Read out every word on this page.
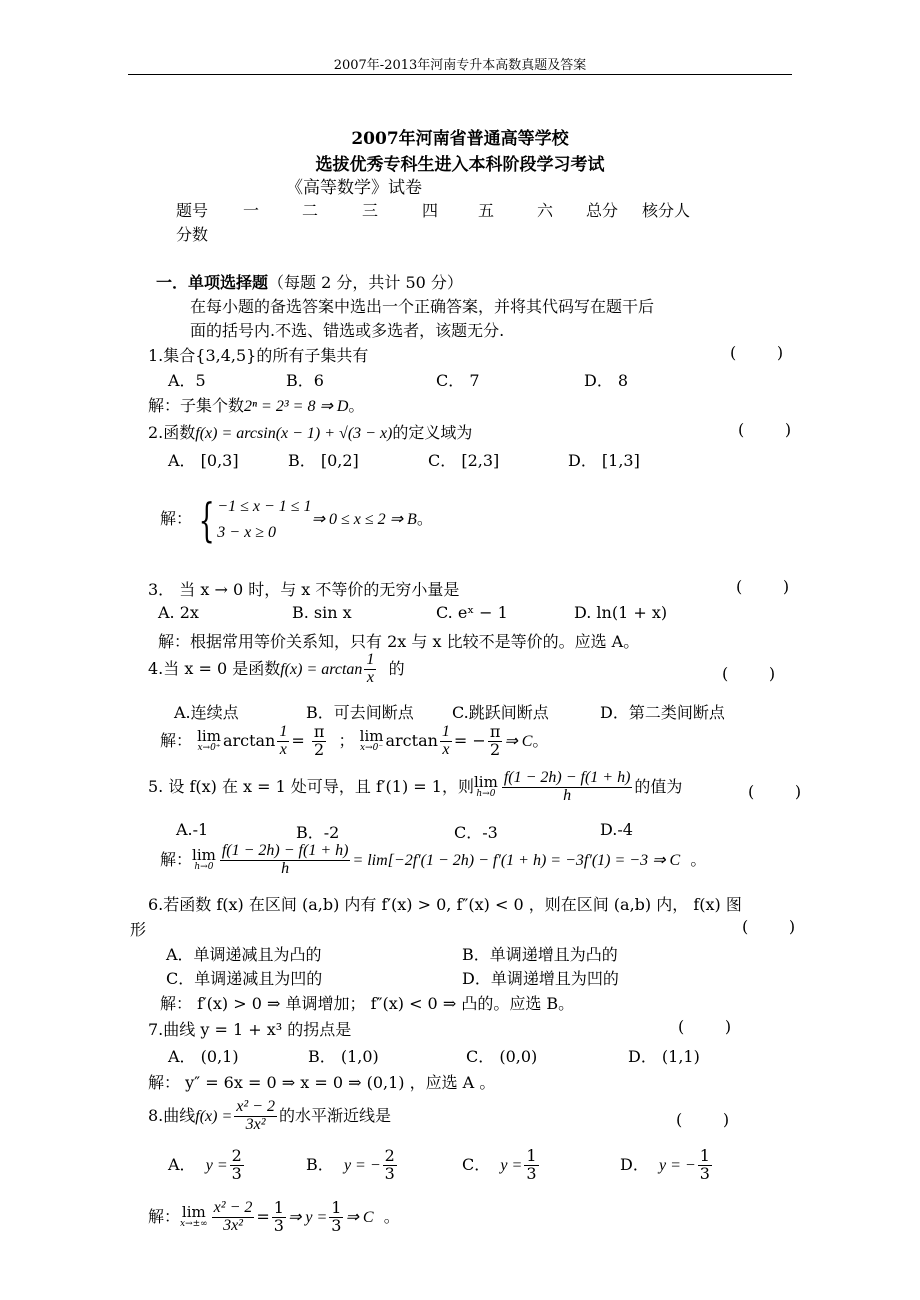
2007年-2013年河南专升本高数真题及答案
2007年河南省普通高等学校
选拔优秀专科生进入本科阶段学习考试
《高等数学》试卷
题号 一	二	三	四 五	六 总分 核分人
分数
一．单项选择题（每题 2 分，共计 50 分）
在每小题的备选答案中选出一个正确答案，并将其代码写在题干后
面的括号内.不选、错选或多选者，该题无分.
1.集合{3,4,5}的所有子集共有	(        )
A．5	B．6	C． 7	D． 8
解：子集个数2ⁿ = 2³ = 8 ⇒ D。
2.函数f(x) = arcsin(x − 1) + √(3 − x)的定义域为	(        )
A． [0,3]	B． [0,2]	C． [2,3]	D． [1,3]
解： { −1 ≤ x − 1 ≤ 1
3 − x ≥ 0
⇒ 0 ≤ x ≤ 2 ⇒ B。
3． 当 x → 0 时，与 x 不等价的无穷小量是	(        )
A. 2x	B. sin x	C. eˣ − 1	D. ln(1 + x)
解：根据常用等价关系知，只有 2x 与 x 比较不是等价的。应选 A。
4.当 x = 0 是函数$f(x) = \arctan \frac{1}{x}$ 的	(        )
A.连续点	B．可去间断点 C.跳跃间断点	D．第二类间断点
解： lim
x→0⁺ $\arctan \frac{1}{x} = \frac{\pi}{2}$ ； lim
x→0⁻ $\arctan \frac{1}{x}$ = − $\frac{\pi}{2}$ ⇒ C。
5. 设 f(x) 在 x = 1 处可导，且 f′(1) = 1，则 lim
$h\to 0 \frac{f(1 - 2h) - f(1 + h)}{h}$ 的值为	(        )
A.-1	B．-2	C．-3	D.-4
解： lim
$h\to 0 \frac{f(1 - 2h) - f(1 + h)}{h} = \lim[-2f'(1 - 2h) - f'(1 + h) = -3f'(1) = -3$ ⇒ C 。
6.若函数 f(x) 在区间 (a,b) 内有 f′(x) > 0, f″(x) < 0 ，则在区间 (a,b) 内， f(x) 图
形	(        )
A．单调递减且为凸的	B．单调递增且为凸的
C．单调递减且为凹的	D．单调递增且为凹的
解： f′(x) > 0 ⇒ 单调增加； f″(x) < 0 ⇒ 凸的。应选 B。
7.曲线 y = 1 + x³ 的拐点是	(        )
A． (0,1)	B． (1,0)	C． (0,0)	D． (1,1)
解： y″ = 6x = 0 ⇒ x = 0 ⇒ (0,1) ，应选 A 。
8.曲线$f(x) = \frac{\text{x² − 2}}{\text{3x²}}$ 的水平渐近线是	(        )
A． $y = \frac{2}{3}$	B． y = − $\frac{2}{3}$	C． $y = \frac{1}{3}$	D． y = − $\frac{1}{3}$
解： lim
$x\to\pm\infty \frac{\text{x² − 2}}{\text{3x²}} = \frac{1}{3}$ ⇒ $y = \frac{1}{3}$ ⇒ C 。
